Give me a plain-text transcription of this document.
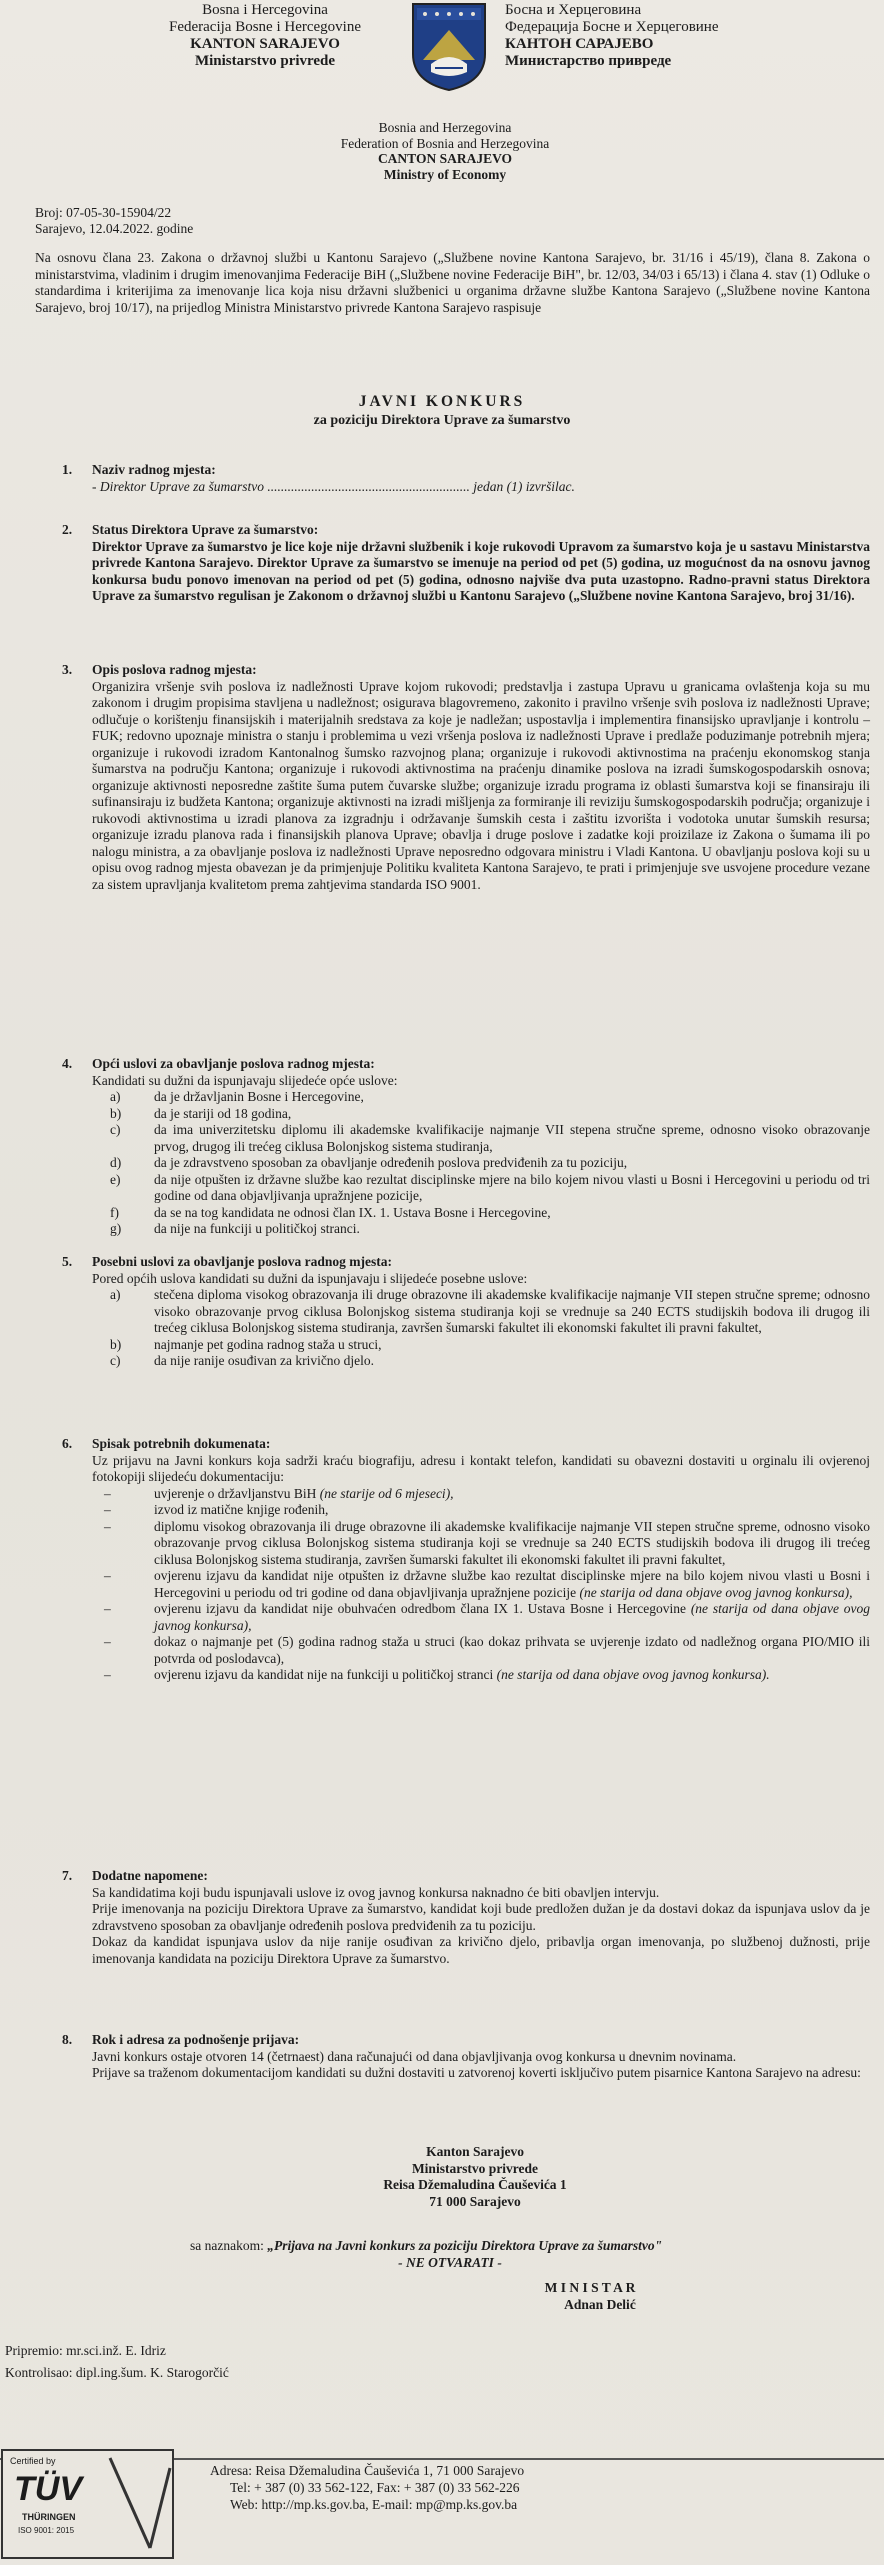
Bosna i Hercegovina
Federacija Bosne i Hercegovine
KANTON SARAJEVO
Ministarstvo privrede
Босна и Херцеговина
Федерација Босне и Херцеговине
КАНТОН САРАЈЕВО
Министарство привреде
Bosnia and Herzegovina
Federation of Bosnia and Herzegovina
CANTON SARAJEVO
Ministry of Economy
Broj: 07-05-30-15904/22
Sarajevo, 12.04.2022. godine
Na osnovu člana 23. Zakona o državnoj službi u Kantonu Sarajevo („Službene novine Kantona Sarajevo, br. 31/16 i 45/19), člana 8. Zakona o ministarstvima, vladinim i drugim imenovanjima Federacije BiH („Službene novine Federacije BiH", br. 12/03, 34/03 i 65/13) i člana 4. stav (1) Odluke o standardima i kriterijima za imenovanje lica koja nisu državni službenici u organima državne službe Kantona Sarajevo („Službene novine Kantona Sarajevo, broj 10/17), na prijedlog Ministra Ministarstvo privrede Kantona Sarajevo raspisuje
JAVNI KONKURS
za poziciju Direktora Uprave za šumarstvo
1. Naziv radnog mjesta:
- Direktor Uprave za šumarstvo ............................................................ jedan (1) izvršilac.
2. Status Direktora Uprave za šumarstvo:
Direktor Uprave za šumarstvo je lice koje nije državni službenik i koje rukovodi Upravom za šumarstvo koja je u sastavu Ministarstva privrede Kantona Sarajevo. Direktor Uprave za šumarstvo se imenuje na period od pet (5) godina, uz mogućnost da na osnovu javnog konkursa budu ponovo imenovan na period od pet (5) godina, odnosno najviše dva puta uzastopno. Radno-pravni status Direktora Uprave za šumarstvo regulisan je Zakonom o državnoj službi u Kantonu Sarajevo („Službene novine Kantona Sarajevo, broj 31/16).
3. Opis poslova radnog mjesta:
Organizira vršenje svih poslova iz nadležnosti Uprave kojom rukovodi; predstavlja i zastupa Upravu u granicama ovlaštenja koja su mu zakonom i drugim propisima stavljena u nadležnost; osigurava blagovremeno, zakonito i pravilno vršenje svih poslova iz nadležnosti Uprave; odlučuje o korištenju finansijskih i materijalnih sredstava za koje je nadležan; uspostavlja i implementira finansijsko upravljanje i kontrolu – FUK; redovno upoznaje ministra o stanju i problemima u vezi vršenja poslova iz nadležnosti Uprave i predlaže poduzimanje potrebnih mjera; organizuje i rukovodi izradom Kantonalnog šumsko razvojnog plana; organizuje i rukovodi aktivnostima na praćenju ekonomskog stanja šumarstva na području Kantona; organizuje i rukovodi aktivnostima na praćenju dinamike poslova na izradi šumskogospodarskih osnova; organizuje aktivnosti neposredne zaštite šuma putem čuvarske službe; organizuje izradu programa iz oblasti šumarstva koji se finansiraju ili sufinansiraju iz budžeta Kantona; organizuje aktivnosti na izradi mišljenja za formiranje ili reviziju šumskogospodarskih područja; organizuje i rukovodi aktivnostima u izradi planova za izgradnju i održavanje šumskih cesta i zaštitu izvorišta i vodotoka unutar šumskih resursa; organizuje izradu planova rada i finansijskih planova Uprave; obavlja i druge poslove i zadatke koji proizilaze iz Zakona o šumama ili po nalogu ministra, a za obavljanje poslova iz nadležnosti Uprave neposredno odgovara ministru i Vladi Kantona. U obavljanju poslova koji su u opisu ovog radnog mjesta obavezan je da primjenjuje Politiku kvaliteta Kantona Sarajevo, te prati i primjenjuje sve usvojene procedure vezane za sistem upravljanja kvalitetom prema zahtjevima standarda ISO 9001.
4. Opći uslovi za obavljanje poslova radnog mjesta:
Kandidati su dužni da ispunjavaju slijedeće opće uslove:
a) da je državljanin Bosne i Hercegovine,
b) da je stariji od 18 godina,
c) da ima univerzitetsku diplomu ili akademske kvalifikacije najmanje VII stepena stručne spreme, odnosno visoko obrazovanje prvog, drugog ili trećeg ciklusa Bolonjskog sistema studiranja,
d) da je zdravstveno sposoban za obavljanje određenih poslova predviđenih za tu poziciju,
e) da nije otpušten iz državne službe kao rezultat disciplinske mjere na bilo kojem nivou vlasti u Bosni i Hercegovini u periodu od tri godine od dana objavljivanja upražnjene pozicije,
f)	da se na tog kandidata ne odnosi član IX. 1. Ustava Bosne i Hercegovine,
g) da nije na funkciji u političkoj stranci.
5. Posebni uslovi za obavljanje poslova radnog mjesta:
Pored općih uslova kandidati su dužni da ispunjavaju i slijedeće posebne uslove:
a) stečena diploma visokog obrazovanja ili druge obrazovne ili akademske kvalifikacije najmanje VII stepen stručne spreme; odnosno visoko obrazovanje prvog ciklusa Bolonjskog sistema studiranja koji se vrednuje sa 240 ECTS studijskih bodova ili drugog ili trećeg ciklusa Bolonjskog sistema studiranja, završen šumarski fakultet ili ekonomski fakultet ili pravni fakultet,
b) najmanje pet godina radnog staža u struci,
c) da nije ranije osuđivan za krivično djelo.
6. Spisak potrebnih dokumenata:
Uz prijavu na Javni konkurs koja sadrži kraću biografiju, adresu i kontakt telefon, kandidati su obavezni dostaviti u orginalu ili ovjerenoj fotokopiji slijedeću dokumentaciju:
–	uvjerenje o državljanstvu BiH (ne starije od 6 mjeseci),
–	izvod iz matične knjige rođenih,
–	diplomu visokog obrazovanja ili druge obrazovne ili akademske kvalifikacije najmanje VII stepen stručne spreme, odnosno visoko obrazovanje prvog ciklusa Bolonjskog sistema studiranja koji se vrednuje sa 240 ECTS studijskih bodova ili drugog ili trećeg ciklusa Bolonjskog sistema studiranja, završen šumarski fakultet ili ekonomski fakultet ili pravni fakultet,
–	ovjerenu izjavu da kandidat nije otpušten iz državne službe kao rezultat disciplinske mjere na bilo kojem nivou vlasti u Bosni i Hercegovini u periodu od tri godine od dana objavljivanja upražnjene pozicije (ne starija od dana objave ovog javnog konkursa),
–	ovjerenu izjavu da kandidat nije obuhvaćen odredbom člana IX 1. Ustava Bosne i Hercegovine (ne starija od dana objave ovog javnog konkursa),
–	dokaz o najmanje pet (5) godina radnog staža u struci (kao dokaz prihvata se uvjerenje izdato od nadležnog organa PIO/MIO ili potvrda od poslodavca),
–	ovjerenu izjavu da kandidat nije na funkciji u političkoj stranci (ne starija od dana objave ovog javnog konkursa).
7. Dodatne napomene:
Sa kandidatima koji budu ispunjavali uslove iz ovog javnog konkursa naknadno će biti obavljen intervju.
Prije imenovanja na poziciju Direktora Uprave za šumarstvo, kandidat koji bude predložen dužan je da dostavi dokaz da ispunjava uslov da je zdravstveno sposoban za obavljanje određenih poslova predviđenih za tu poziciju.
Dokaz da kandidat ispunjava uslov da nije ranije osuđivan za krivično djelo, pribavlja organ imenovanja, po službenoj dužnosti, prije imenovanja kandidata na poziciju Direktora Uprave za šumarstvo.
8. Rok i adresa za podnošenje prijava:
Javni konkurs ostaje otvoren 14 (četrnaest) dana računajući od dana objavljivanja ovog konkursa u dnevnim novinama.
Prijave sa traženom dokumentacijom kandidati su dužni dostaviti u zatvorenoj koverti isključivo putem pisarnice Kantona Sarajevo na adresu:
Kanton Sarajevo
Ministarstvo privrede
Reisa Džemaludina Čauševića 1
71 000 Sarajevo
sa naznakom: „Prijava na Javni konkurs za poziciju Direktora Uprave za šumarstvo"
- NE OTVARATI -
M I N I S T A R
Adnan Delić
Pripremio: mr.sci.inž. E. Idriz
Kontrolisao: dipl.ing.šum. K. Starogorčić
Certified by
TÜV
THÜRINGEN
ISO 9001: 2015
Adresa: Reisa Džemaludina Čauševića 1, 71 000 Sarajevo
Tel: + 387 (0) 33 562-122, Fax: + 387 (0) 33 562-226
Web: http://mp.ks.gov.ba, E-mail: mp@mp.ks.gov.ba
